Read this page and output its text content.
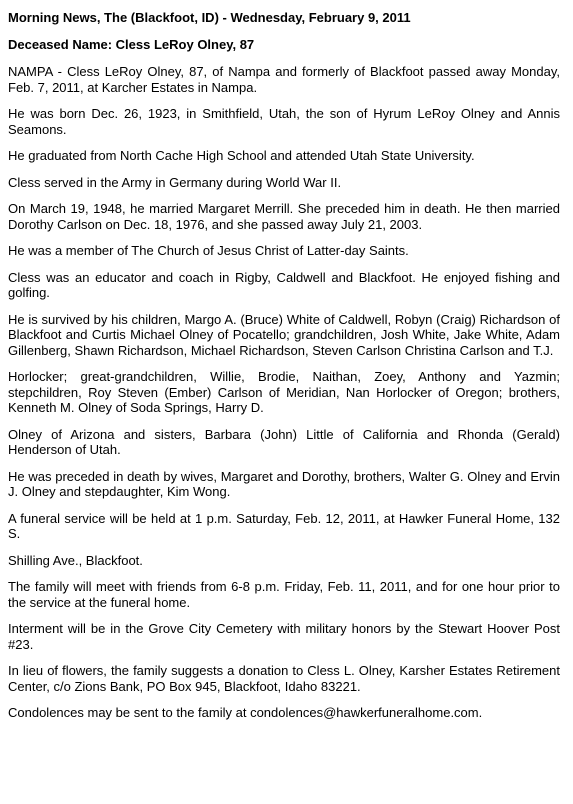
Morning News, The (Blackfoot, ID) - Wednesday, February 9, 2011
Deceased Name: Cless LeRoy Olney, 87

NAMPA - Cless LeRoy Olney, 87, of Nampa and formerly of Blackfoot passed away Monday, Feb. 7, 2011, at Karcher Estates in Nampa.

He was born Dec. 26, 1923, in Smithfield, Utah, the son of Hyrum LeRoy Olney and Annis Seamons.

He graduated from North Cache High School and attended Utah State University.

Cless served in the Army in Germany during World War II.

On March 19, 1948, he married Margaret Merrill. She preceded him in death. He then married Dorothy Carlson on Dec. 18, 1976, and she passed away July 21, 2003.

He was a member of The Church of Jesus Christ of Latter-day Saints.

Cless was an educator and coach in Rigby, Caldwell and Blackfoot. He enjoyed fishing and golfing.

He is survived by his children, Margo A. (Bruce) White of Caldwell, Robyn (Craig) Richardson of Blackfoot and Curtis Michael Olney of Pocatello; grandchildren, Josh White, Jake White, Adam Gillenberg, Shawn Richardson, Michael Richardson, Steven Carlson Christina Carlson and T.J.

Horlocker; great-grandchildren, Willie, Brodie, Naithan, Zoey, Anthony and Yazmin; stepchildren, Roy Steven (Ember) Carlson of Meridian, Nan Horlocker of Oregon; brothers, Kenneth M. Olney of Soda Springs, Harry D.

Olney of Arizona and sisters, Barbara (John) Little of California and Rhonda (Gerald) Henderson of Utah.

He was preceded in death by wives, Margaret and Dorothy, brothers, Walter G. Olney and Ervin J. Olney and stepdaughter, Kim Wong.

A funeral service will be held at 1 p.m. Saturday, Feb. 12, 2011, at Hawker Funeral Home, 132 S.

Shilling Ave., Blackfoot.

The family will meet with friends from 6-8 p.m. Friday, Feb. 11, 2011, and for one hour prior to the service at the funeral home.

Interment will be in the Grove City Cemetery with military honors by the Stewart Hoover Post #23.

In lieu of flowers, the family suggests a donation to Cless L. Olney, Karsher Estates Retirement Center, c/o Zions Bank, PO Box 945, Blackfoot, Idaho 83221.

Condolences may be sent to the family at condolences@hawkerfuneralhome.com.
